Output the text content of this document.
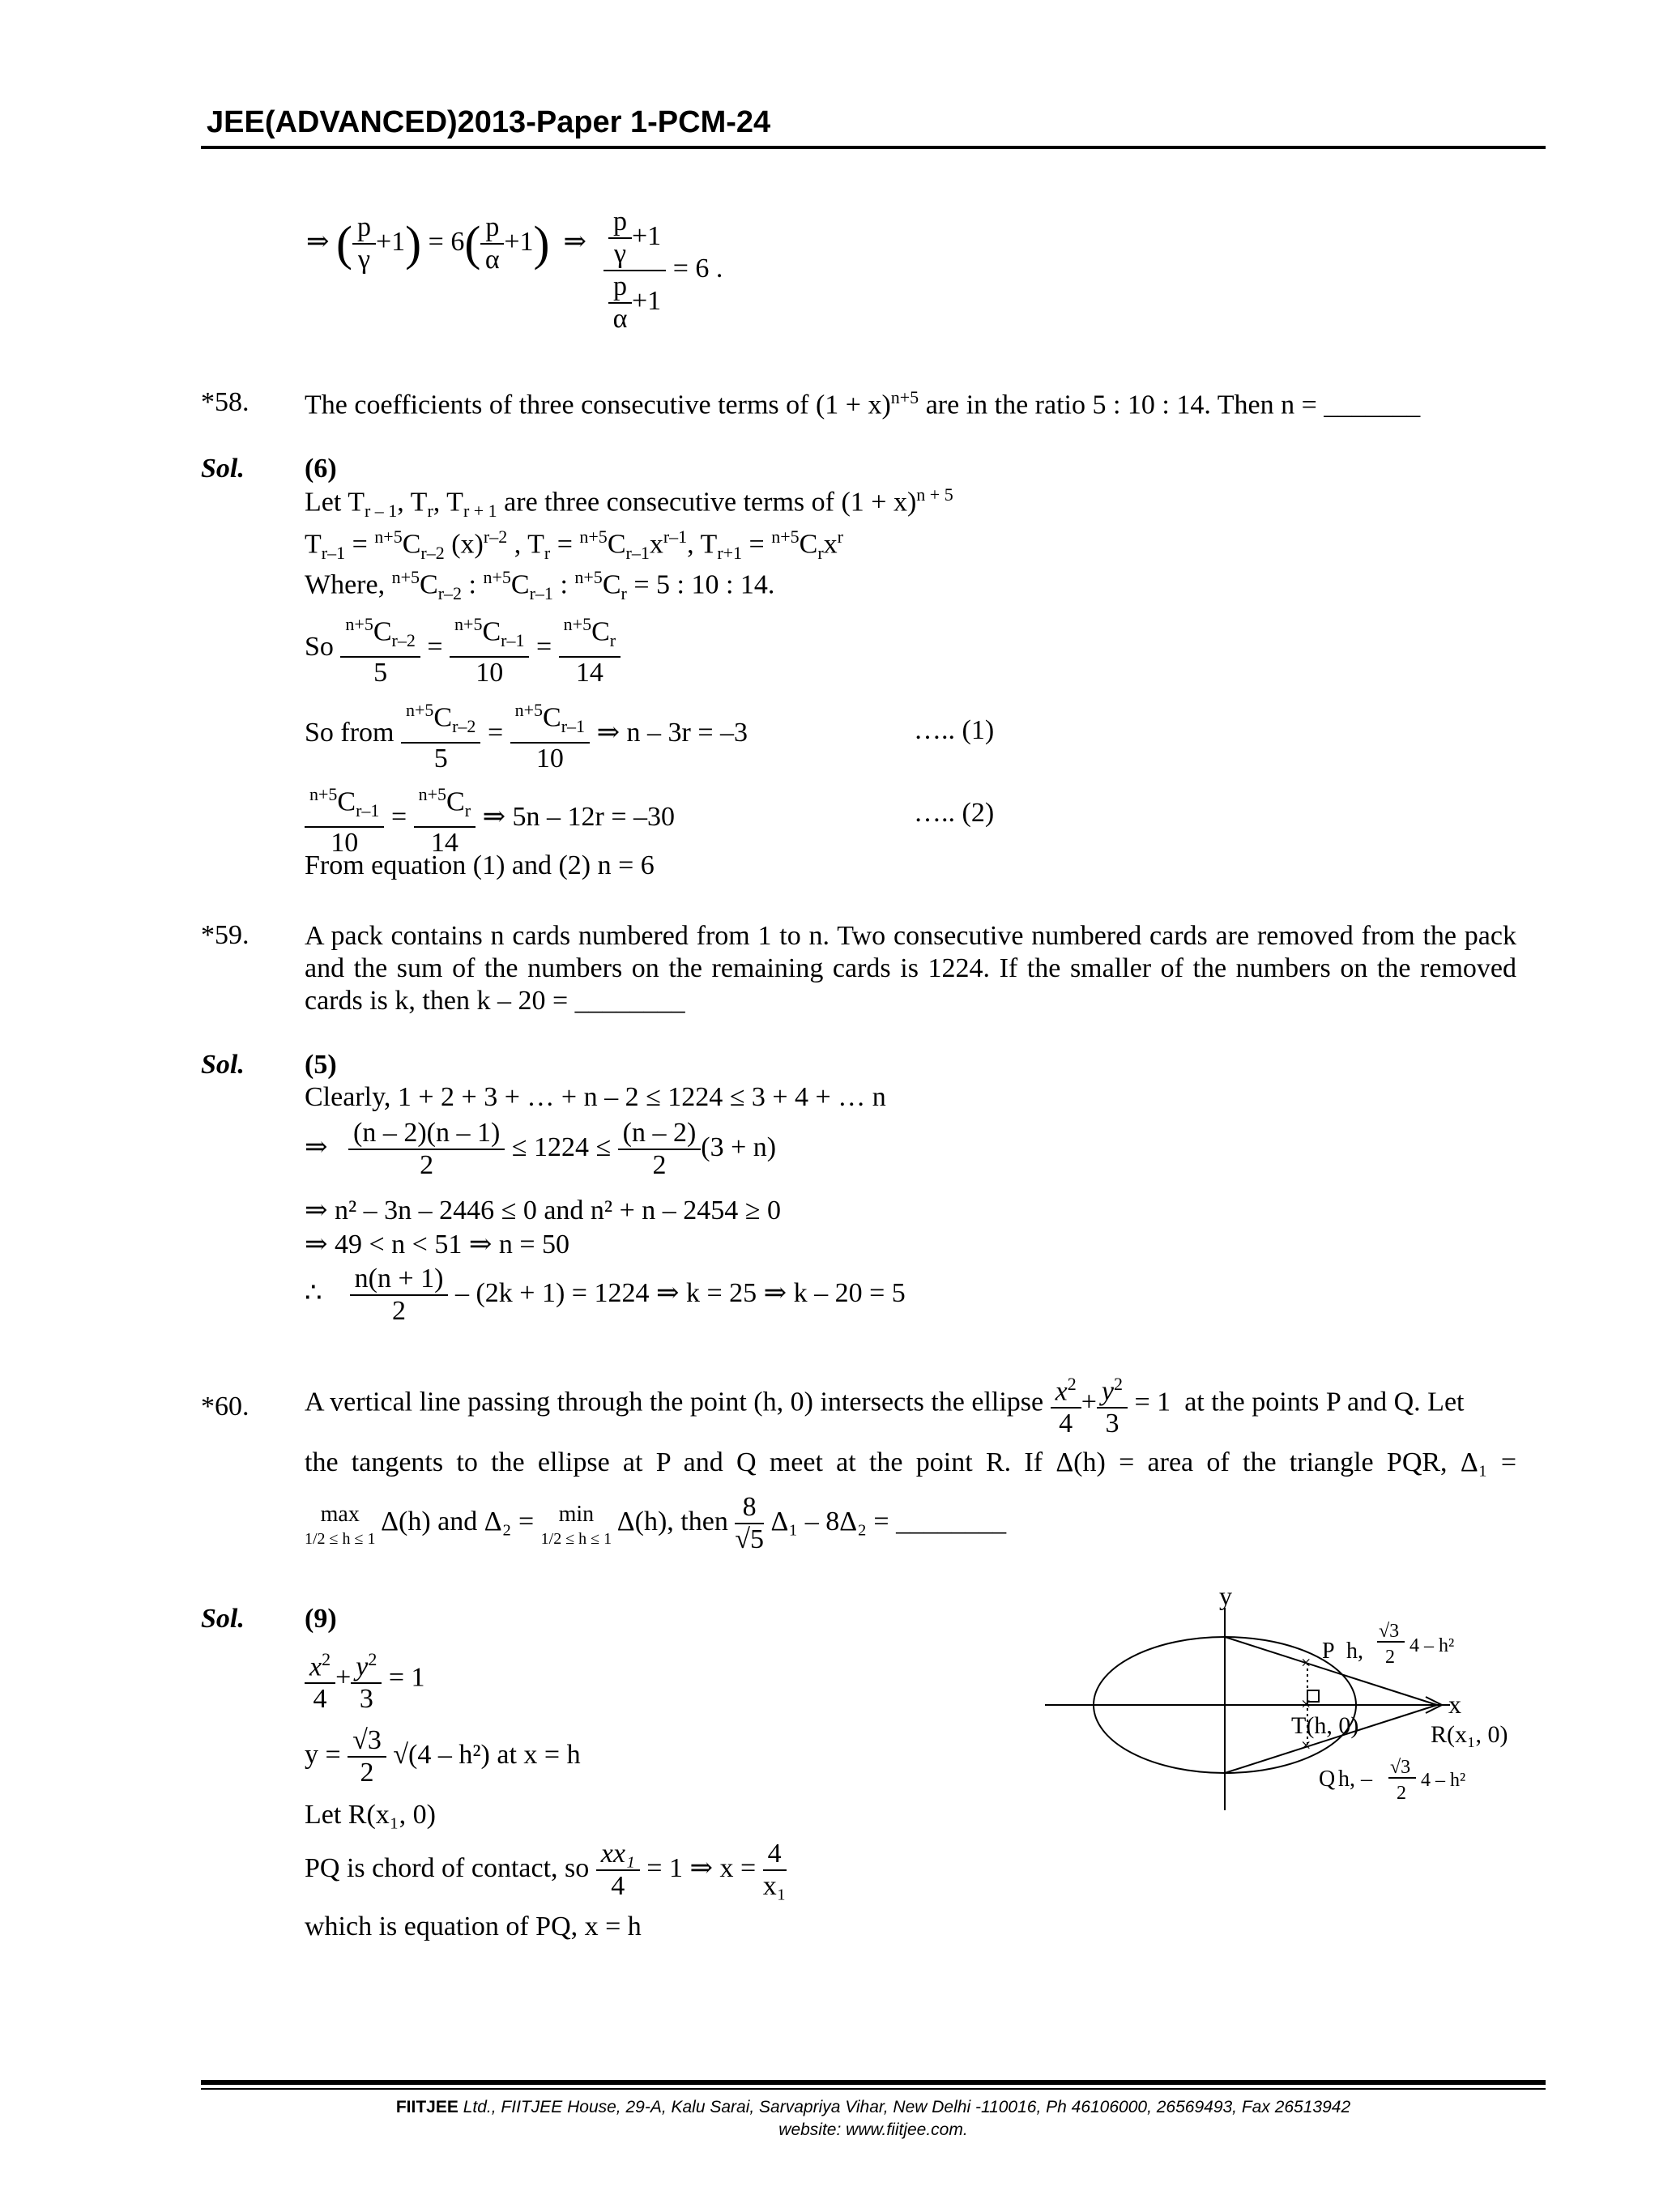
JEE(ADVANCED)2013-Paper 1-PCM-24
⇒ ( $\frac{p}{\gamma} +1) = 6( \frac{p}{\alpha} +1)$ ⇒ $\frac{\frac{p}{\gamma} +1}{\frac{p}{\alpha} +1} = 6$ .
*58. The coefficients of three consecutive terms of $(1 + x)^{n+5}$ are in the ratio 5 : 10 : 14. Then n = _______
Sol. (6)
Let $T_{r - 1}$, $T_r$, $T_{r + 1}$ are three consecutive terms of $(1 + x)^{n + 5}$
$T_{r-1} = ^{n+5}C_{r-2}$ $(x)^{r-2}$ , $T_r = ^{n+5}C_{r-1}x^{r-1}$, $T_{r+1} = ^{n+5}C_rx^r$
Where, $^{n+5}C_{r-2}$ : $^{n+5}C_{r-1}$ : $^{n+5}C_r = 5$ : 10 : 14.
So $\frac{^{n+5}C_{r-2}}{5} = \frac{^{n+5}C_{r-1}}{10} = \frac{^{n+5}C_r}{14}$
So from $\frac{^{n+5}C_{r-2}}{5} = \frac{^{n+5}C_{r-1}}{10}$ ⇒ n – 3r = –3	….. (1)
$\frac{^{n+5}C_{r-1}}{10} = \frac{^{n+5}C_r}{14}$ ⇒ 5n – 12r = –30	….. (2)
From equation (1) and (2) n = 6
*59. A pack contains n cards numbered from 1 to n. Two consecutive numbered cards are removed from the pack and the sum of the numbers on the remaining cards is 1224. If the smaller of the numbers on the removed cards is k, then k – 20 = ________
Sol. (5)
Clearly, 1 + 2 + 3 + … + n – 2 ≤ 1224 ≤ 3 + 4 + … n
⇒ $\frac{(n - 2)(n - 1)}{2} \le 1224 \le \frac{(n - 2)}{2} (3 + n)$
⇒ n² – 3n – 2446 ≤ 0 and n² + n – 2454 ≥ 0
⇒ 49 < n < 51 ⇒ n = 50
∴ $\frac{n(n + 1)}{2} - (2k + 1) = 1224$ ⇒ k = 25 ⇒ k – 20 = 5
*60. A vertical line passing through the point (h, 0) intersects the ellipse $\frac{x^2}{4} + \frac{y^2}{3} = 1$  at the points P and Q. Let
the tangents to the ellipse at P and Q meet at the point R. If Δ(h) = area of the triangle PQR, Δ₁ =
max
1/2 ≤ h ≤ 1
Δ(h) and Δ₂ =	min
1/2 ≤ h ≤ 1
Δ(h), then $\frac{8}{√5} \Delta_1 - 8\Delta_2$ = ________
Sol. (9)
$\frac{x^2}{4} + \frac{y^2}{3} = 1$
$y = \frac{√3}{2} √(4 - h^2)$ at x = h
Let R(x₁, 0)
PQ is chord of contact, so $\frac{\text{xx₁}}{4} = 1$ ⇒ $x = \frac{4}{\text{x₁}}$
which is equation of PQ, x = h
×
×
×
y
x
P h,
√3
2
4 – h²
T(h, 0)	R(x₁, 0)
Q h, – √3
2
4 – h²
FIITJEE Ltd., FIITJEE House, 29-A, Kalu Sarai, Sarvapriya Vihar, New Delhi -110016, Ph 46106000, 26569493, Fax 26513942
website: www.fiitjee.com.
